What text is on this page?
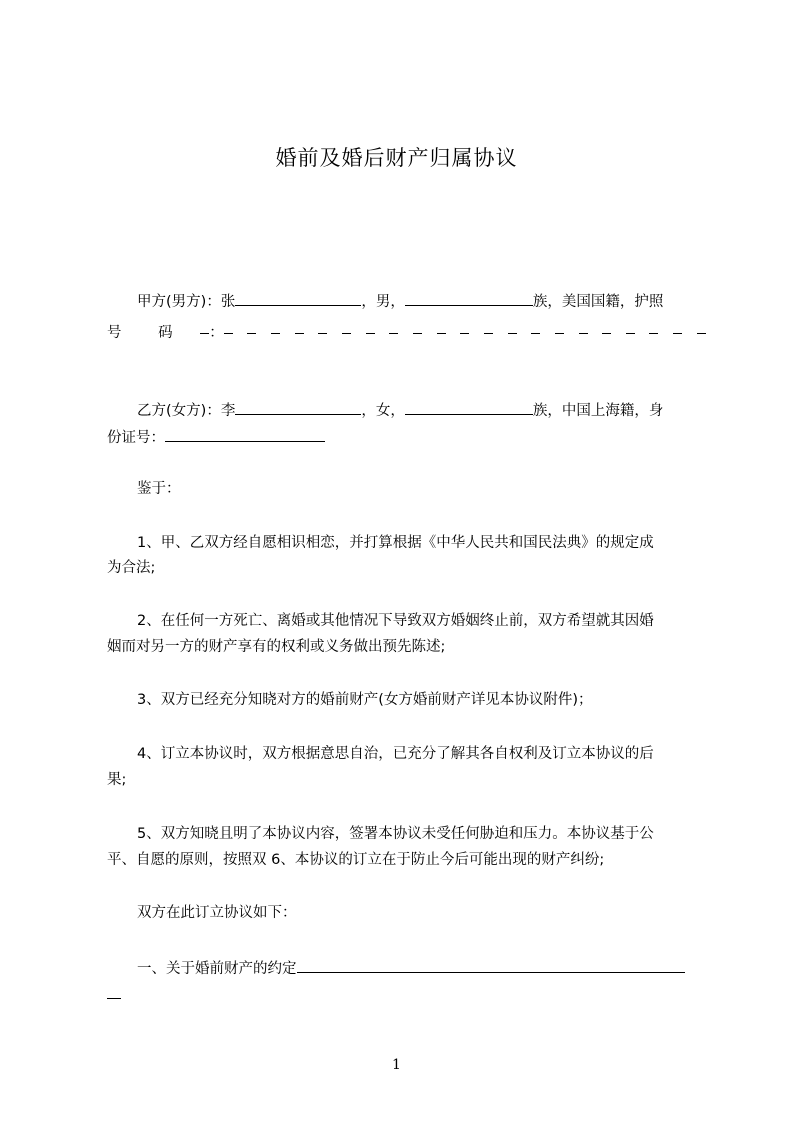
婚前及婚后财产归属协议
甲方(男方)：张	，男，	族，美国国籍，护照
号 码 ：
乙方(女方)：李	，女，	族，中国上海籍，身
份证号：
鉴于：
1、甲、乙双方经自愿相识相恋，并打算根据《中华人民共和国民法典》的规定成
为合法;
2、在任何一方死亡、离婚或其他情况下导致双方婚姻终止前，双方希望就其因婚
姻而对另一方的财产享有的权利或义务做出预先陈述;
3、双方已经充分知晓对方的婚前财产(女方婚前财产详见本协议附件)；
4、订立本协议时，双方根据意思自治，已充分了解其各自权利及订立本协议的后
果;
5、双方知晓且明了本协议内容，签署本协议未受任何胁迫和压力。本协议基于公
平、自愿的原则，按照双 6、本协议的订立在于防止今后可能出现的财产纠纷;
双方在此订立协议如下：
一、关于婚前财产的约定
1
